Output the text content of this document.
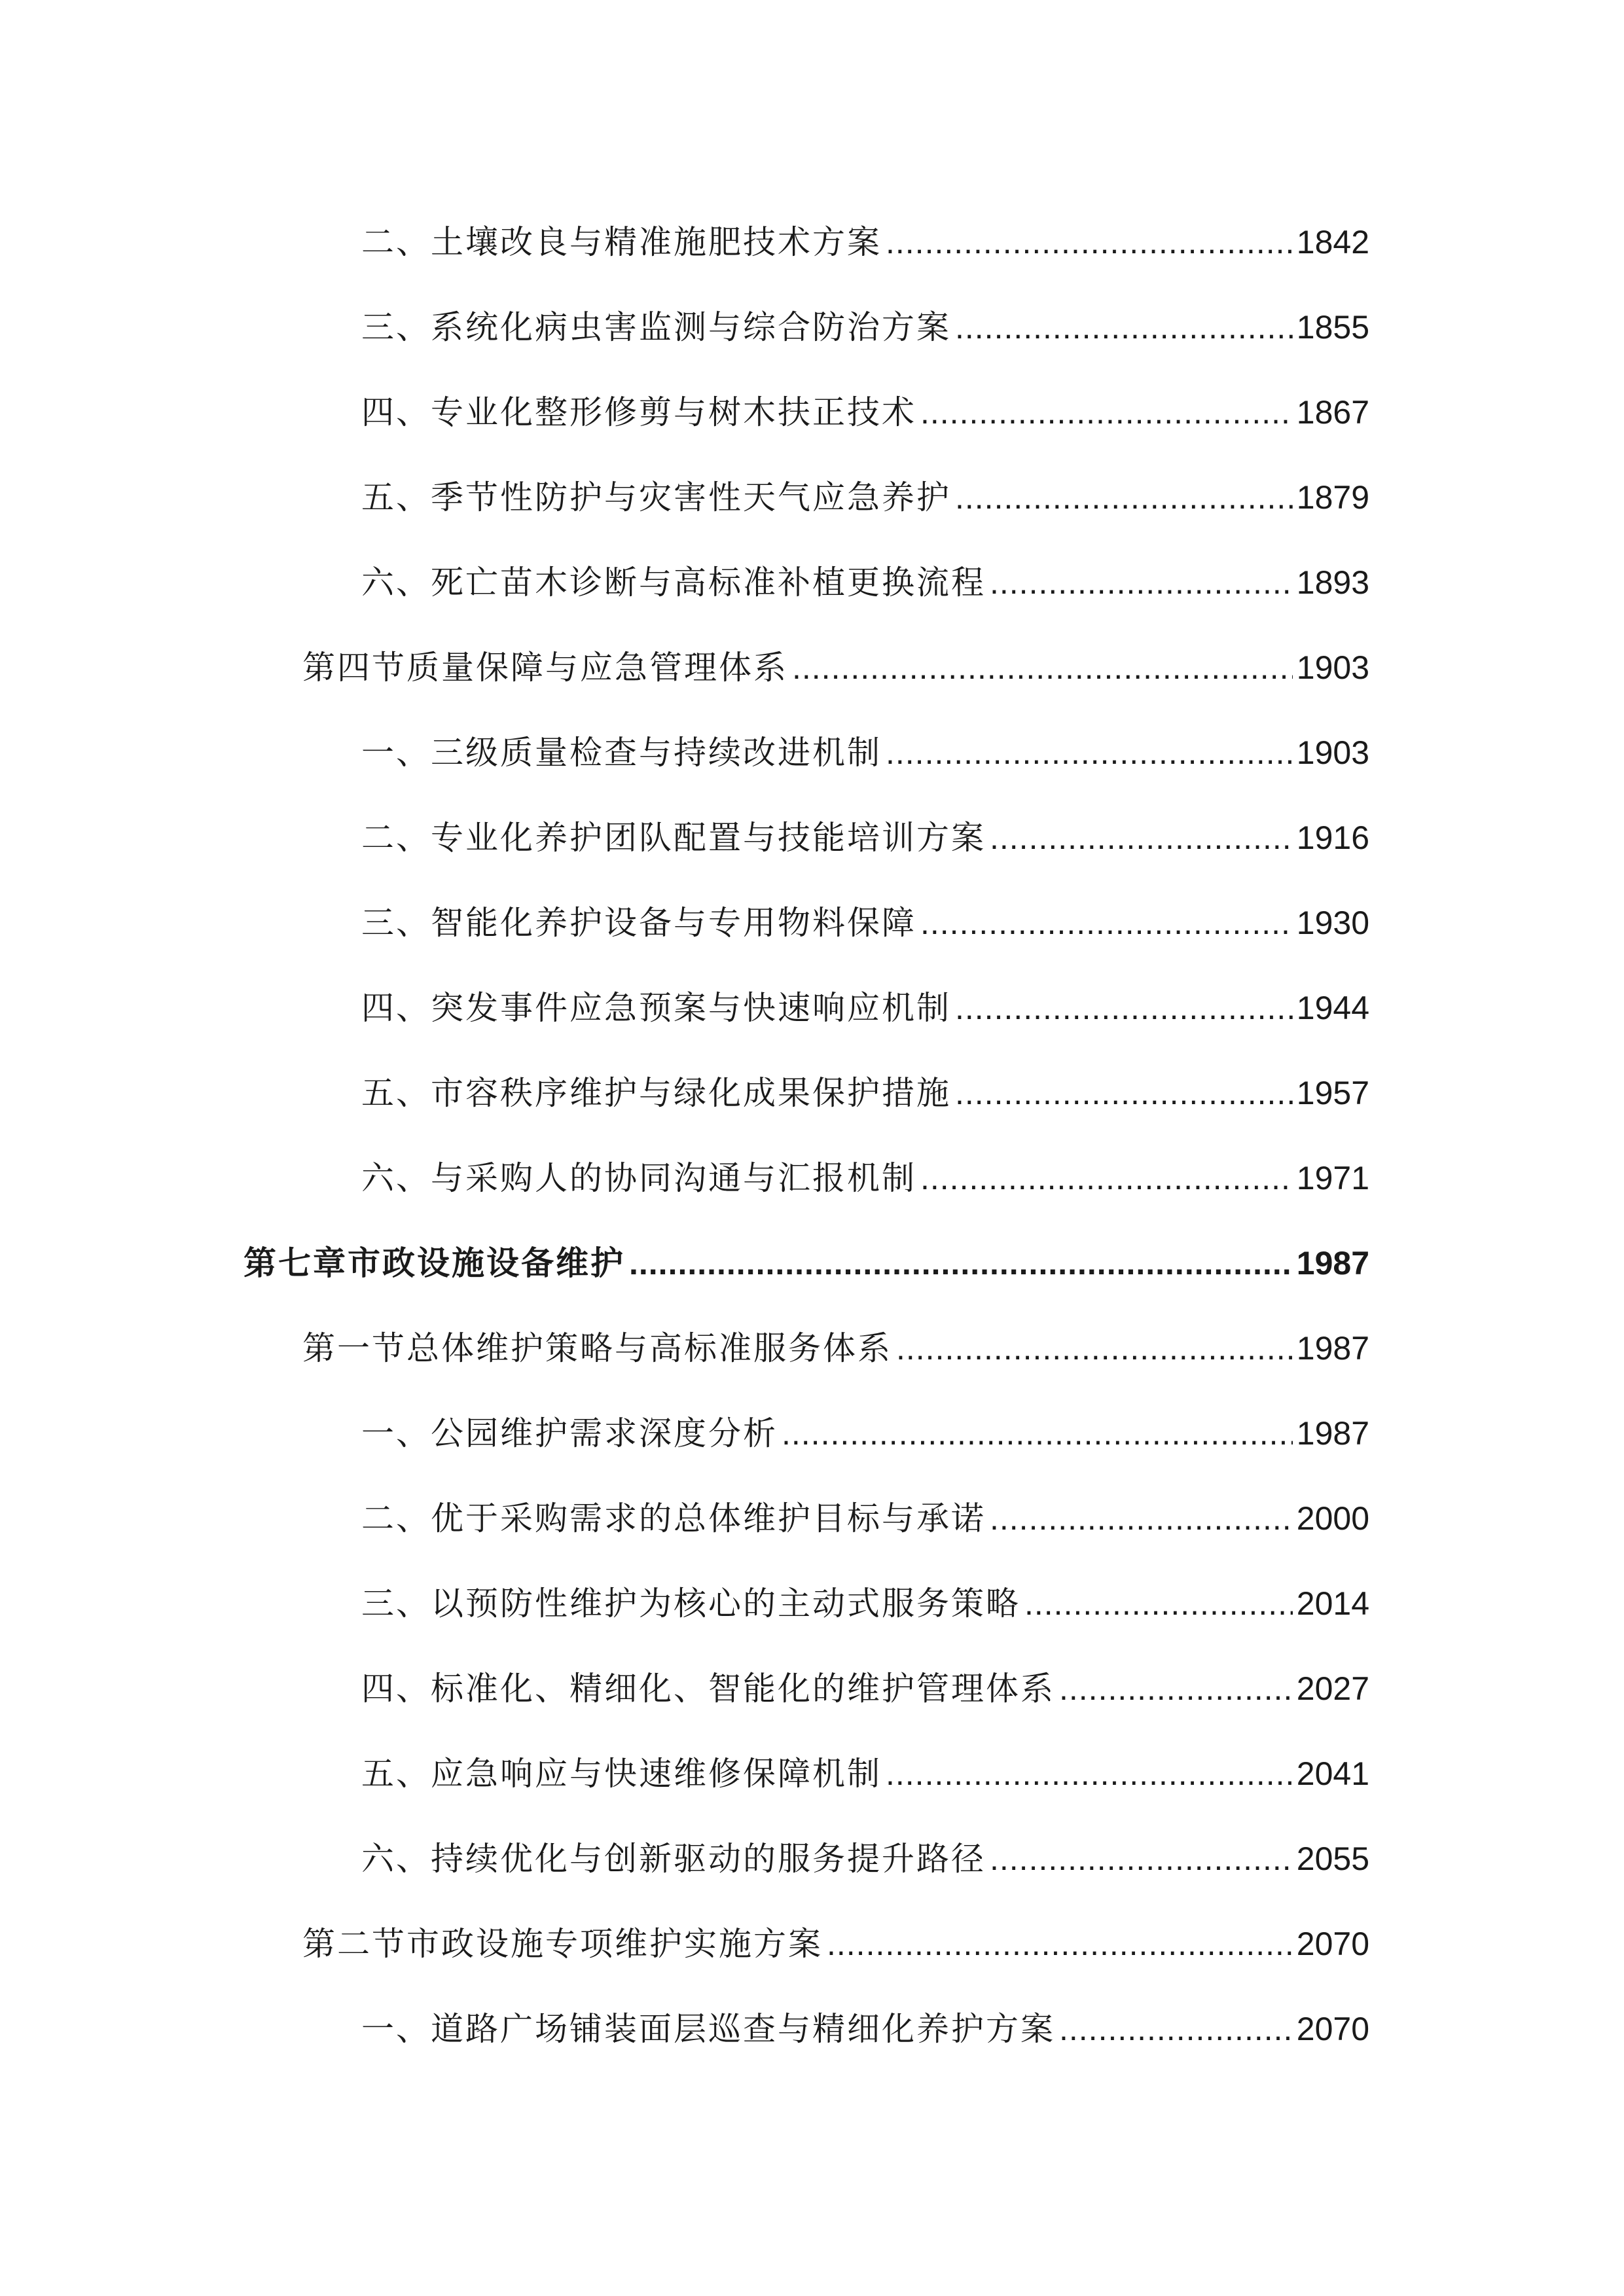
二、土壤改良与精准施肥技术方案 .....	1842
三、系统化病虫害监测与综合防治方案 .....	1855
四、专业化整形修剪与树木扶正技术 .....	1867
五、季节性防护与灾害性天气应急养护 .....	1879
六、死亡苗木诊断与高标准补植更换流程 .....	1893
第四节质量保障与应急管理体系 .....	1903
一、三级质量检查与持续改进机制 .....	1903
二、专业化养护团队配置与技能培训方案 .....	1916
三、智能化养护设备与专用物料保障 .....	1930
四、突发事件应急预案与快速响应机制 .....	1944
五、市容秩序维护与绿化成果保护措施 .....	1957
六、与采购人的协同沟通与汇报机制 .....	1971
第七章市政设施设备维护 .....	1987
第一节总体维护策略与高标准服务体系 .....	1987
一、公园维护需求深度分析 .....	1987
二、优于采购需求的总体维护目标与承诺 .....	2000
三、以预防性维护为核心的主动式服务策略 .....	2014
四、标准化、精细化、智能化的维护管理体系 .....	2027
五、应急响应与快速维修保障机制 .....	2041
六、持续优化与创新驱动的服务提升路径 .....	2055
第二节市政设施专项维护实施方案 .....	2070
一、道路广场铺装面层巡查与精细化养护方案 .....	2070
